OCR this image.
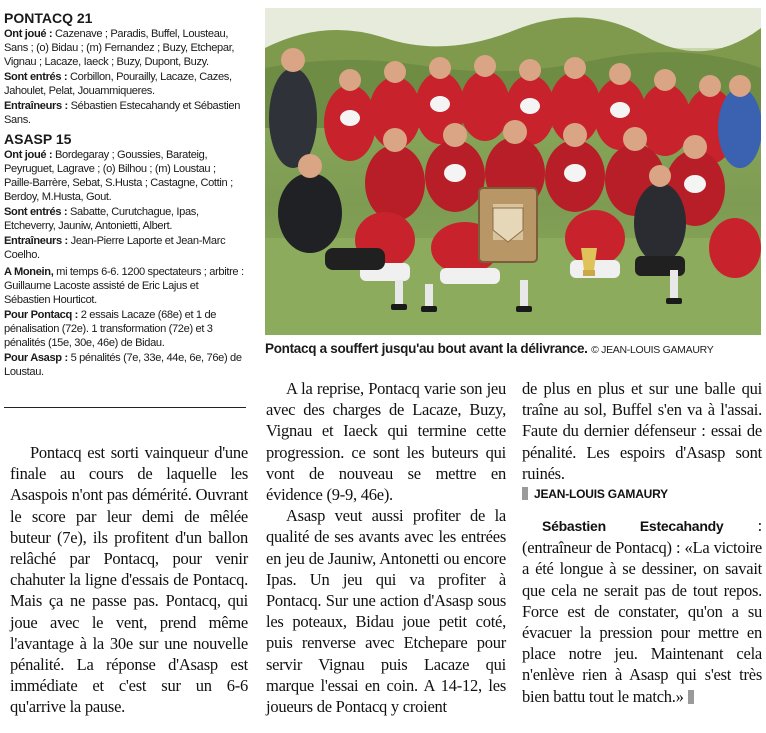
PONTACQ 21
Ont joué : Cazenave ; Paradis, Buffel, Lousteau, Sans ; (o) Bidau ; (m) Fernandez ; Buzy, Etchepar, Vignau ; Lacaze, Iaeck ; Buzy, Dupont, Buzy.
Sont entrés : Corbillon, Pourailly, Lacaze, Cazes, Jahoulet, Pelat, Jouammiqueres.
Entraîneurs : Sébastien Estecahandy et Sébastien Sans.
ASASP 15
Ont joué : Bordegaray ; Goussies, Barateig, Peyruguet, Lagrave ; (o) Bilhou ; (m) Loustau ; Paille-Barrère, Sebat, S.Husta ; Castagne, Cottin ; Berdoy, M.Husta, Gout.
Sont entrés : Sabatte, Curutchague, Ipas, Etcheverry, Jauniw, Antonietti, Albert.
Entraîneurs : Jean-Pierre Laporte et Jean-Marc Coelho.
A Monein, mi temps 6-6. 1200 spectateurs ; arbitre : Guillaume Lacoste assisté de Eric Lajus et Sébastien Hourticot.
Pour Pontacq : 2 essais Lacaze (68e) et 1 de pénalisation (72e). 1 transformation (72e) et 3 pénalités (15e, 30e, 46e) de Bidau.
Pour Asasp : 5 pénalités (7e, 33e, 44e, 6e, 76e) de Loustau.
Pontacq a souffert jusqu'au bout avant la délivrance. © JEAN-LOUIS GAMAURY

Pontacq est sorti vainqueur d'une finale au cours de laquelle les Asaspois n'ont pas démérité. Ouvrant le score par leur demi de mêlée buteur (7e), ils profitent d'un ballon relâché par Pontacq, pour venir chahuter la ligne d'essais de Pontacq. Mais ça ne passe pas. Pontacq, qui joue avec le vent, prend même l'avantage à la 30e sur une nouvelle pénalité. La réponse d'Asasp est immédiate et c'est sur un 6-6 qu'arrive la pause.

A la reprise, Pontacq varie son jeu avec des charges de Lacaze, Buzy, Vignau et Iaeck qui termine cette progression. ce sont les buteurs qui vont de nouveau se mettre en évidence (9-9, 46e).

Asasp veut aussi profiter de la qualité de ses avants avec les entrées en jeu de Jauniw, Antonetti ou encore Ipas. Un jeu qui va profiter à Pontacq. Sur une action d'Asasp sous les poteaux, Bidau joue petit coté, puis renverse avec Etchepare pour servir Vignau puis Lacaze qui marque l'essai en coin. A 14-12, les joueurs de Pontacq y croient

de plus en plus et sur une balle qui traîne au sol, Buffel s'en va à l'assai. Faute du dernier défenseur : essai de pénalité. Les espoirs d'Asasp sont ruinés.

JEAN-LOUIS GAMAURY

Sébastien Estecahandy : (entraîneur de Pontacq) : «La victoire a été longue à se dessiner, on savait que cela ne serait pas de tout repos. Force est de constater, qu'on a su évacuer la pression pour mettre en place notre jeu. Maintenant cela n'enlève rien à Asasp qui s'est très bien battu tout le match.»
